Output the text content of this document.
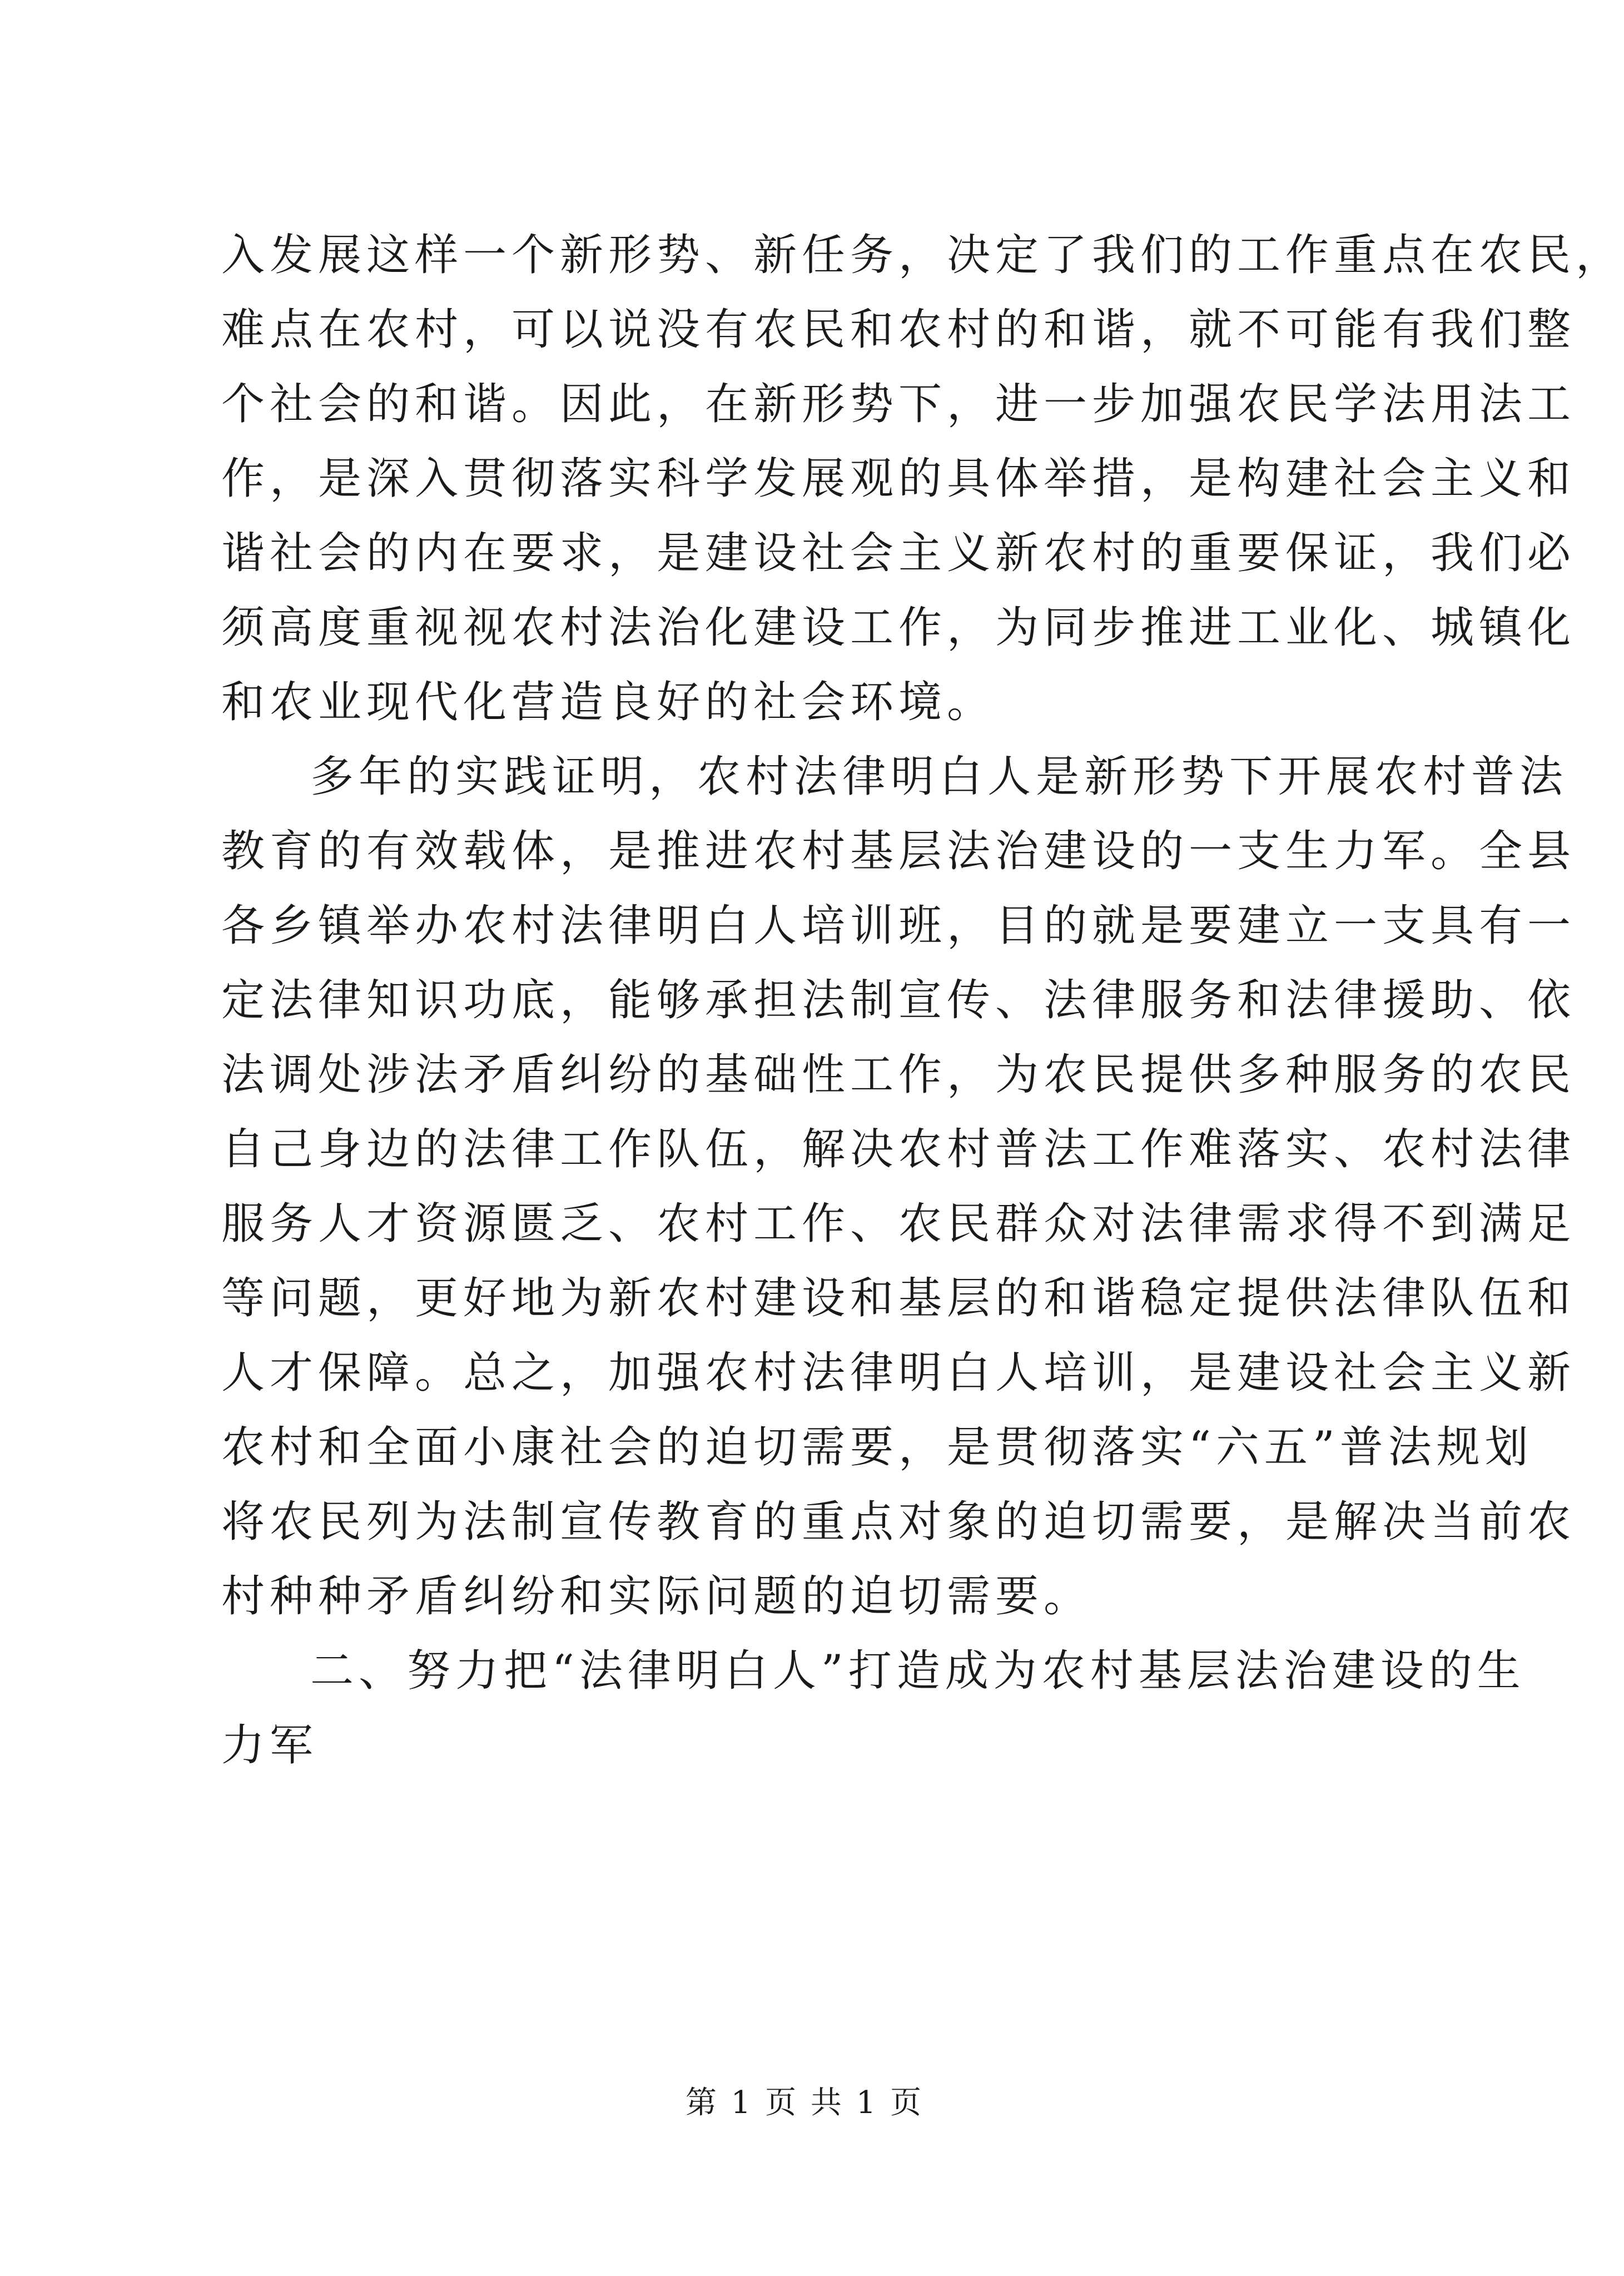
入发展这样一个新形势、新任务，决定了我们的工作重点在农民，
难点在农村，可以说没有农民和农村的和谐，就不可能有我们整
个社会的和谐。因此，在新形势下，进一步加强农民学法用法工
作，是深入贯彻落实科学发展观的具体举措，是构建社会主义和
谐社会的内在要求，是建设社会主义新农村的重要保证，我们必
须高度重视视农村法治化建设工作，为同步推进工业化、城镇化
和农业现代化营造良好的社会环境。
多年的实践证明，农村法律明白人是新形势下开展农村普法
教育的有效载体，是推进农村基层法治建设的一支生力军。全县
各乡镇举办农村法律明白人培训班，目的就是要建立一支具有一
定法律知识功底，能够承担法制宣传、法律服务和法律援助、依
法调处涉法矛盾纠纷的基础性工作，为农民提供多种服务的农民
自己身边的法律工作队伍，解决农村普法工作难落实、农村法律
服务人才资源匮乏、农村工作、农民群众对法律需求得不到满足
等问题，更好地为新农村建设和基层的和谐稳定提供法律队伍和
人才保障。总之，加强农村法律明白人培训，是建设社会主义新
农村和全面小康社会的迫切需要，是贯彻落实“六五”普法规划
将农民列为法制宣传教育的重点对象的迫切需要，是解决当前农
村种种矛盾纠纷和实际问题的迫切需要。
二、努力把“法律明白人”打造成为农村基层法治建设的生
力军
第 1 页 共 1 页
